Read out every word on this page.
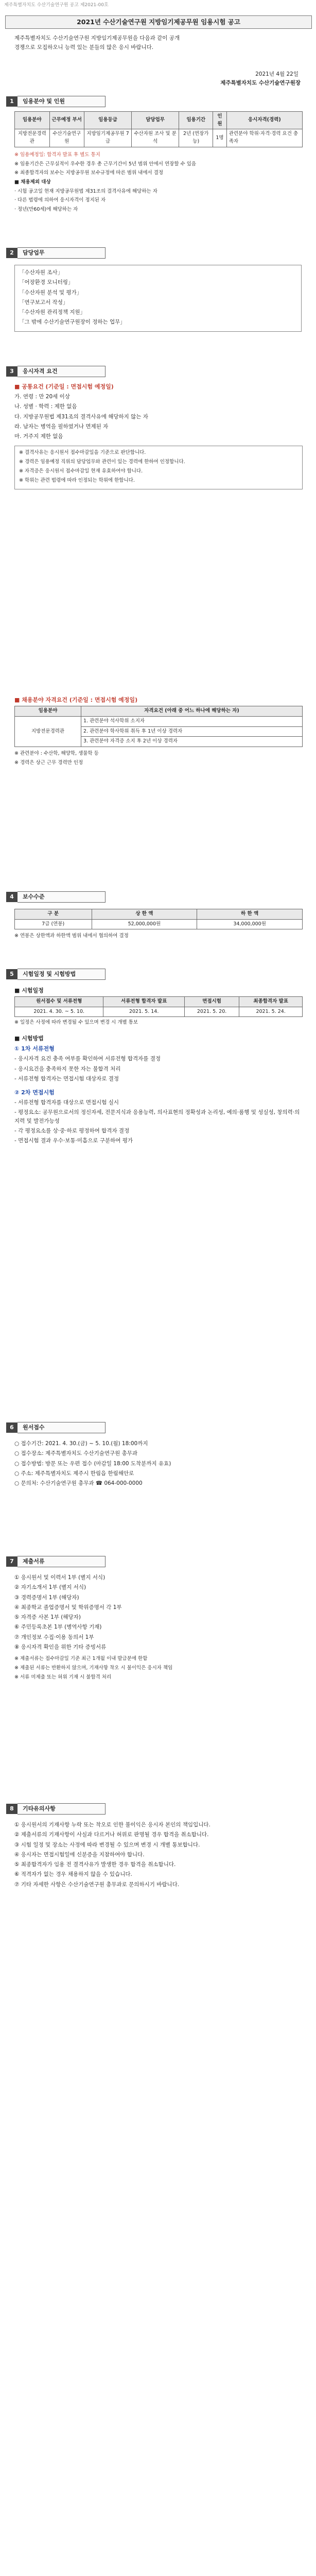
제주특별자치도 수산기술연구원 공고 제2021-00호
2021년 수산기술연구원 지방임기제공무원 임용시험 공고

제주특별자치도 수산기술연구원 지방임기제공무원을 다음과 같이 공개

경쟁으로 모집하오니 능력 있는 분들의 많은 응시 바랍니다.

2021년 4월 22일
제주특별자치도 수산기술연구원장
1	임용분야 및 인원
임용분야	근무예정 부서	임용등급	담당업무	임용기간	인원	응시자격(경력)
지방전문경력관	수산기술연구원	지방임기제공무원 7급	수산자원 조사 및 분석	2년 (연장가능)	1명	관련분야 학위·자격·경력 요건 충족자

※ 임용예정일: 합격자 발표 후 별도 통지

※ 임용기간은 근무실적이 우수한 경우 총 근무기간이 5년 범위 안에서 연장할 수 있음

※ 최종합격자의 보수는 지방공무원 보수규정에 따른 범위 내에서 결정

■ 채용제외 대상

· 시험 공고일 현재 지방공무원법 제31조의 결격사유에 해당하는 자

· 다른 법령에 의하여 응시자격이 정지된 자

· 정년(만60세)에 해당하는 자

2	담당업무

「수산자원 조사」

「어장환경 모니터링」

「수산자원 분석 및 평가」

「연구보고서 작성」

「수산자원 관리정책 지원」

「그 밖에 수산기술연구원장이 정하는 업무」

3	응시자격 요건

■ 공통요건 (기준일 : 면접시험 예정일)

가. 연령 : 만 20세 이상

나. 성별 · 학력 : 제한 없음

다. 지방공무원법 제31조의 결격사유에 해당하지 않는 자

라. 남자는 병역을 필하였거나 면제된 자

마. 거주지 제한 없음

※ 결격사유는 응시원서 접수마감일을 기준으로 판단합니다.

※ 경력은 임용예정 직위의 담당업무와 관련이 있는 경력에 한하여 인정합니다.

※ 자격증은 응시원서 접수마감일 현재 유효하여야 합니다.

※ 학위는 관련 법령에 따라 인정되는 학위에 한합니다.

■ 채용분야 자격요건 (기준일 : 면접시험 예정일)

임용분야	자격요건 (아래 중 어느 하나에 해당하는 자)
지방전문경력관	1. 관련분야 석사학위 소지자
	2. 관련분야 학사학위 취득 후 1년 이상 경력자
	3. 관련분야 자격증 소지 후 2년 이상 경력자

※ 관련분야 : 수산학, 해양학, 생물학 등

※ 경력은 상근 근무 경력만 인정

4	보수수준
구 분	상 한 액	하 한 액
7급 (연봉)	52,000,000원	34,000,000원

※ 연봉은 상한액과 하한액 범위 내에서 협의하여 결정

5	시험일정 및 시험방법

■ 시험일정

원서접수 및 서류전형	서류전형 합격자 발표	면접시험	최종합격자 발표
2021. 4. 30. ~ 5. 10.	2021. 5. 14.	2021. 5. 20.	2021. 5. 24.

※ 일정은 사정에 따라 변경될 수 있으며 변경 시 개별 통보

■ 시험방법

① 1차 서류전형

- 응시자격 요건 충족 여부를 확인하여 서류전형 합격자를 결정

- 응시요건을 충족하지 못한 자는 불합격 처리

- 서류전형 합격자는 면접시험 대상자로 결정

② 2차 면접시험

- 서류전형 합격자를 대상으로 면접시험 실시

- 평정요소: 공무원으로서의 정신자세, 전문지식과 응용능력, 의사표현의 정확성과 논리성, 예의·품행 및 성실성, 창의력·의지력 및 발전가능성

- 각 평정요소를 상·중·하로 평정하여 합격자 결정

- 면접시험 결과 우수·보통·미흡으로 구분하여 평가

6	원서접수

○ 접수기간: 2021. 4. 30.(금) ~ 5. 10.(월) 18:00까지

○ 접수장소: 제주특별자치도 수산기술연구원 총무과

○ 접수방법: 방문 또는 우편 접수 (마감일 18:00 도착분까지 유효)

○ 주소: 제주특별자치도 제주시 한림읍 한림해안로

○ 문의처: 수산기술연구원 총무과 ☎ 064-000-0000

7	제출서류

① 응시원서 및 이력서 1부 (별지 서식)

② 자기소개서 1부 (별지 서식)

③ 경력증명서 1부 (해당자)

④ 최종학교 졸업증명서 및 학위증명서 각 1부

⑤ 자격증 사본 1부 (해당자)

⑥ 주민등록초본 1부 (병역사항 기재)

⑦ 개인정보 수집·이용 동의서 1부

⑧ 응시자격 확인을 위한 기타 증빙서류

※ 제출서류는 접수마감일 기준 최근 1개월 이내 발급분에 한함

※ 제출된 서류는 반환하지 않으며, 기재사항 착오 시 불이익은 응시자 책임

※ 서류 미제출 또는 허위 기재 시 불합격 처리

8	기타유의사항

① 응시원서의 기재사항 누락 또는 착오로 인한 불이익은 응시자 본인의 책임입니다.

② 제출서류의 기재사항이 사실과 다르거나 허위로 판명될 경우 합격을 취소합니다.

③ 시험 일정 및 장소는 사정에 따라 변경될 수 있으며 변경 시 개별 통보합니다.

④ 응시자는 면접시험일에 신분증을 지참하여야 합니다.

⑤ 최종합격자가 임용 전 결격사유가 발생한 경우 합격을 취소합니다.

⑥ 적격자가 없는 경우 채용하지 않을 수 있습니다.

⑦ 기타 자세한 사항은 수산기술연구원 총무과로 문의하시기 바랍니다.
